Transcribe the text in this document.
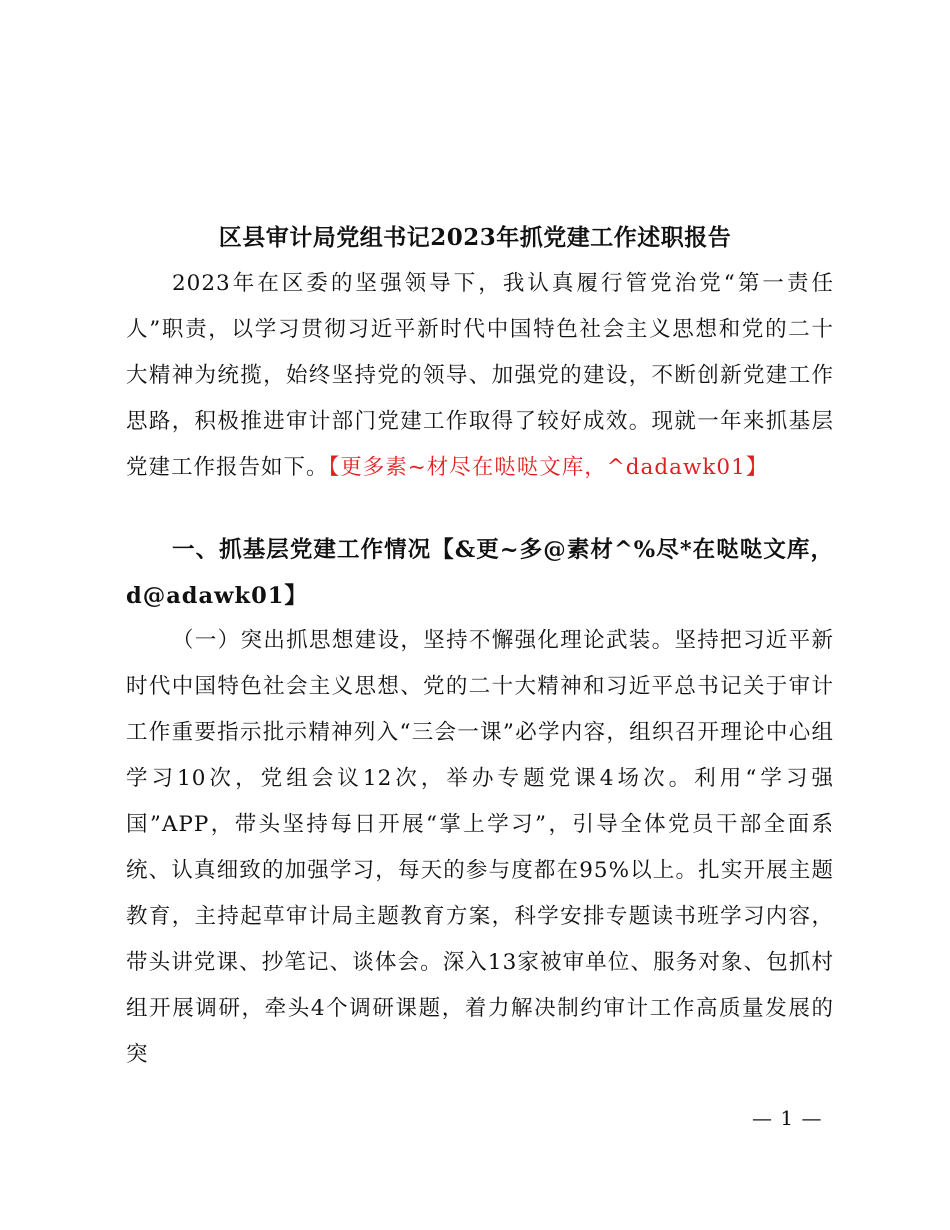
区县审计局党组书记2023年抓党建工作述职报告
2023年在区委的坚强领导下，我认真履行管党治党“第一责任人”职责，以学习贯彻习近平新时代中国特色社会主义思想和党的二十大精神为统揽，始终坚持党的领导、加强党的建设，不断创新党建工作思路，积极推进审计部门党建工作取得了较好成效。现就一年来抓基层党建工作报告如下。【更多素~材尽在哒哒文库，^dadawk01】
一、抓基层党建工作情况【&更~多@素材^%尽*在哒哒文库，d@adawk01】
（一）突出抓思想建设，坚持不懈强化理论武装。坚持把习近平新时代中国特色社会主义思想、党的二十大精神和习近平总书记关于审计工作重要指示批示精神列入“三会一课”必学内容，组织召开理论中心组学习10次，党组会议12次，举办专题党课4场次。利用“学习强国”APP，带头坚持每日开展“掌上学习”，引导全体党员干部全面系统、认真细致的加强学习，每天的参与度都在95%以上。扎实开展主题教育，主持起草审计局主题教育方案，科学安排专题读书班学习内容，带头讲党课、抄笔记、谈体会。深入13家被审单位、服务对象、包抓村组开展调研，牵头4个调研课题，着力解决制约审计工作高质量发展的突
— 1 —
